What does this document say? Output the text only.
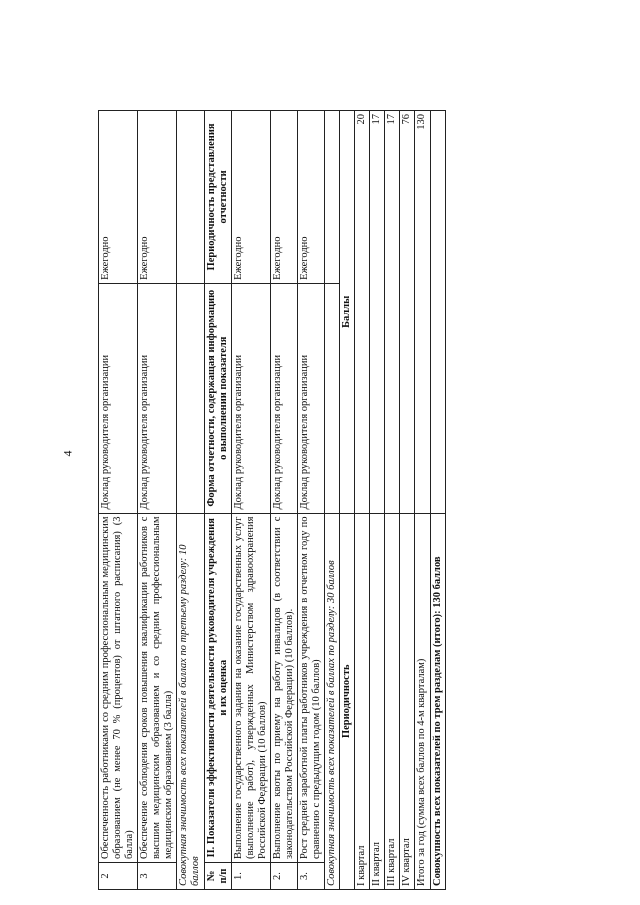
4
2	Обеспеченность работниками со средним профессиональным медицинским образованием (не менее 70 % (процентов) от штатного расписания) (3 балла)	Доклад руководителя организации	Ежегодно
3	Обеспечение соблюдения сроков повышения квалификации работников с высшим медицинским образованием и со средним профессиональным медицинским образованием (3 балла)	Доклад руководителя организации	Ежегодно
Совокупная значимость всех показателей в баллах по третьему разделу: 10 баллов			
№ п/п	II. Показатели эффективности деятельности руководителя учреждения и их оценка	Форма отчетности, содержащая информацию о выполнении показателя	Периодичность представления отчетности
1.	Выполнение государственного задания на оказание государственных услуг (выполнение работ), утвержденных Министерством здравоохранения Российской Федерации (10 баллов)	Доклад руководителя организации	Ежегодно
2.	Выполнение квоты по приему на работу инвалидов (в соответствии с законодательством Российской Федерации) (10 баллов).	Доклад руководителя организации	Ежегодно
3.	Рост средней заработной платы работников учреждения в отчетном году по сравнению с предыдущим годом (10 баллов)	Доклад руководителя организации	Ежегодно
Совокупная значимость всех показателей в баллах по разделу: 30 баллов			
Периодичность		Баллы	
I квартал		20	
II квартал		17	
III квартал		17	
IV квартал		76	
Итого за год (сумма всех баллов по 4-м кварталам)		130	
Совокупность всех показателей по трем разделам (итого): 130 баллов			
